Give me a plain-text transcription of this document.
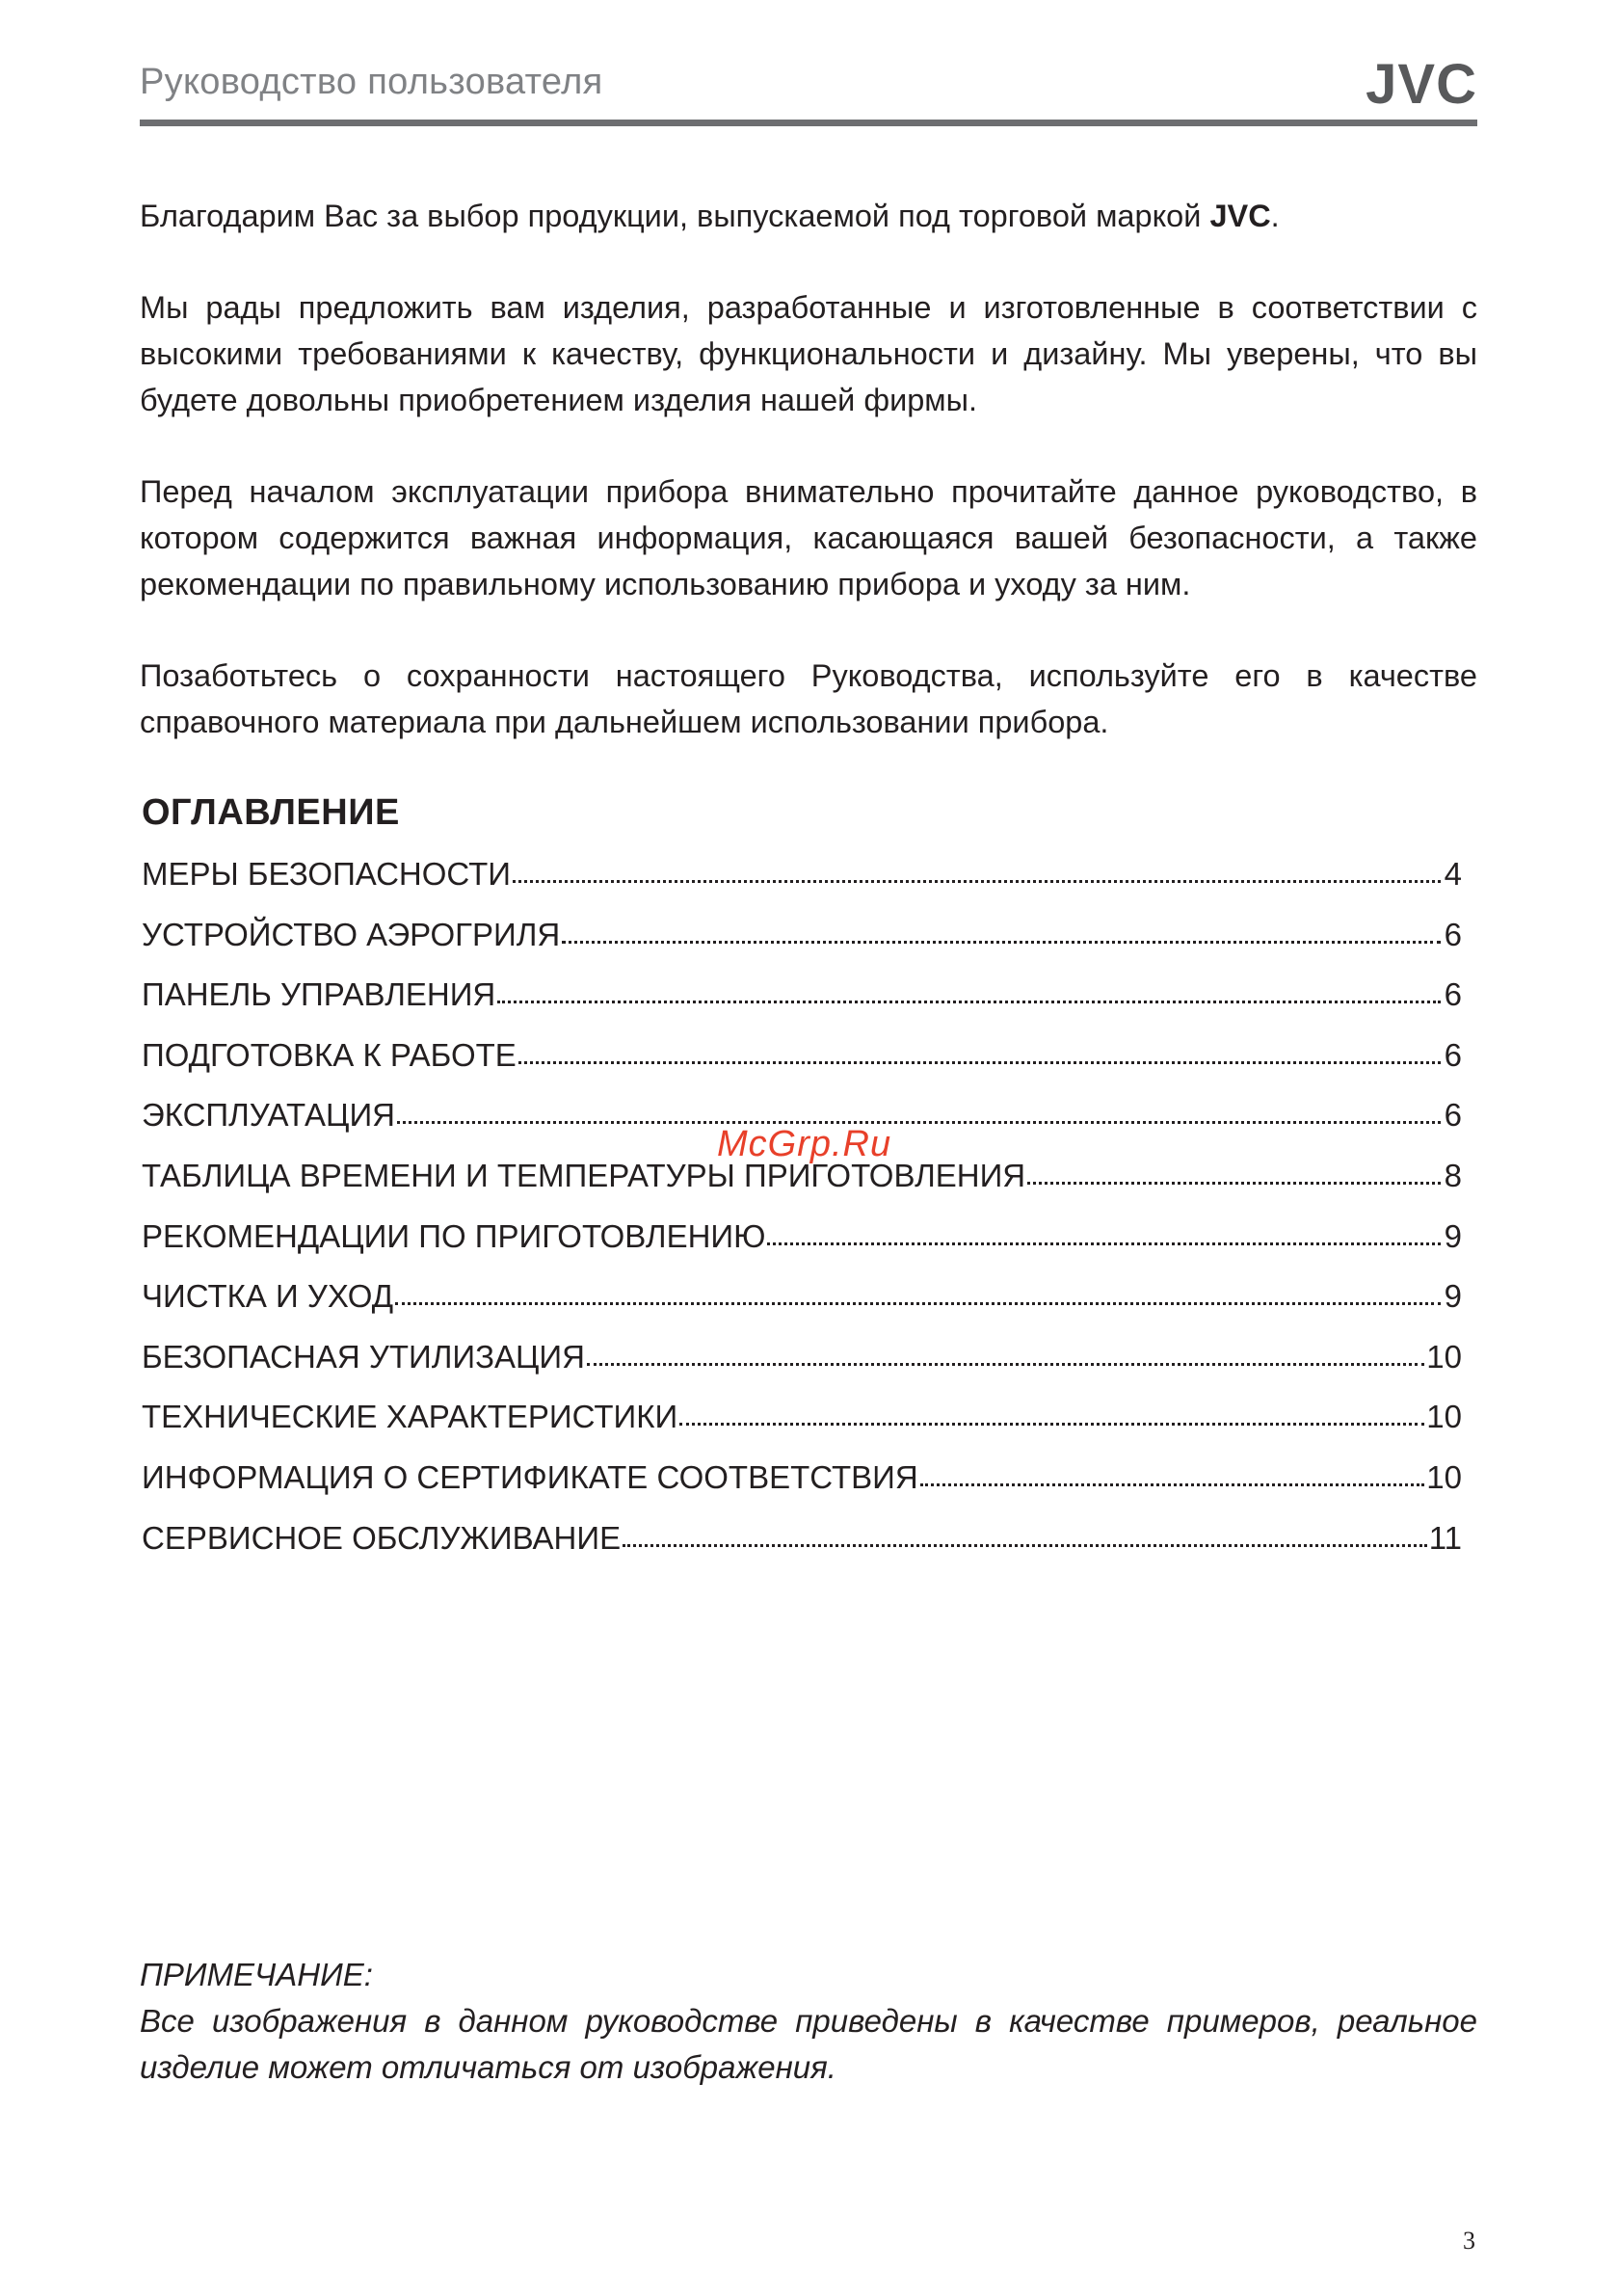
Руководство пользователя	JVC

Благодарим Вас за выбор продукции, выпускаемой под торговой маркой JVC.

Мы рады предложить вам изделия, разработанные и изготовленные в соответствии с высокими требованиями к качеству, функциональности и дизайну. Мы уверены, что вы будете довольны приобретением изделия нашей фирмы.

Перед началом эксплуатации прибора внимательно прочитайте данное руководство, в котором содержится важная информация, касающаяся вашей безопасности, а также рекомендации по правильному использованию прибора и уходу за ним.

Позаботьтесь о сохранности настоящего Руководства, используйте его в качестве справочного материала при дальнейшем использовании прибора.

ОГЛАВЛЕНИЕ
МЕРЫ БЕЗОПАСНОСТИ	4
УСТРОЙСТВО АЭРОГРИЛЯ	6
ПАНЕЛЬ УПРАВЛЕНИЯ	6
ПОДГОТОВКА К РАБОТЕ	6
ЭКСПЛУАТАЦИЯ	6
ТАБЛИЦА ВРЕМЕНИ И ТЕМПЕРАТУРЫ ПРИГОТОВЛЕНИЯ	8
РЕКОМЕНДАЦИИ ПО ПРИГОТОВЛЕНИЮ	9
ЧИСТКА И УХОД	9
БЕЗОПАСНАЯ УТИЛИЗАЦИЯ	10
ТЕХНИЧЕСКИЕ ХАРАКТЕРИСТИКИ	10
ИНФОРМАЦИЯ О СЕРТИФИКАТЕ СООТВЕТСТВИЯ	10
СЕРВИСНОЕ ОБСЛУЖИВАНИЕ	11
McGrp.Ru
ПРИМЕЧАНИЕ:

Все изображения в данном руководстве приведены в качестве примеров, реальное изделие может отличаться от изображения.

3
